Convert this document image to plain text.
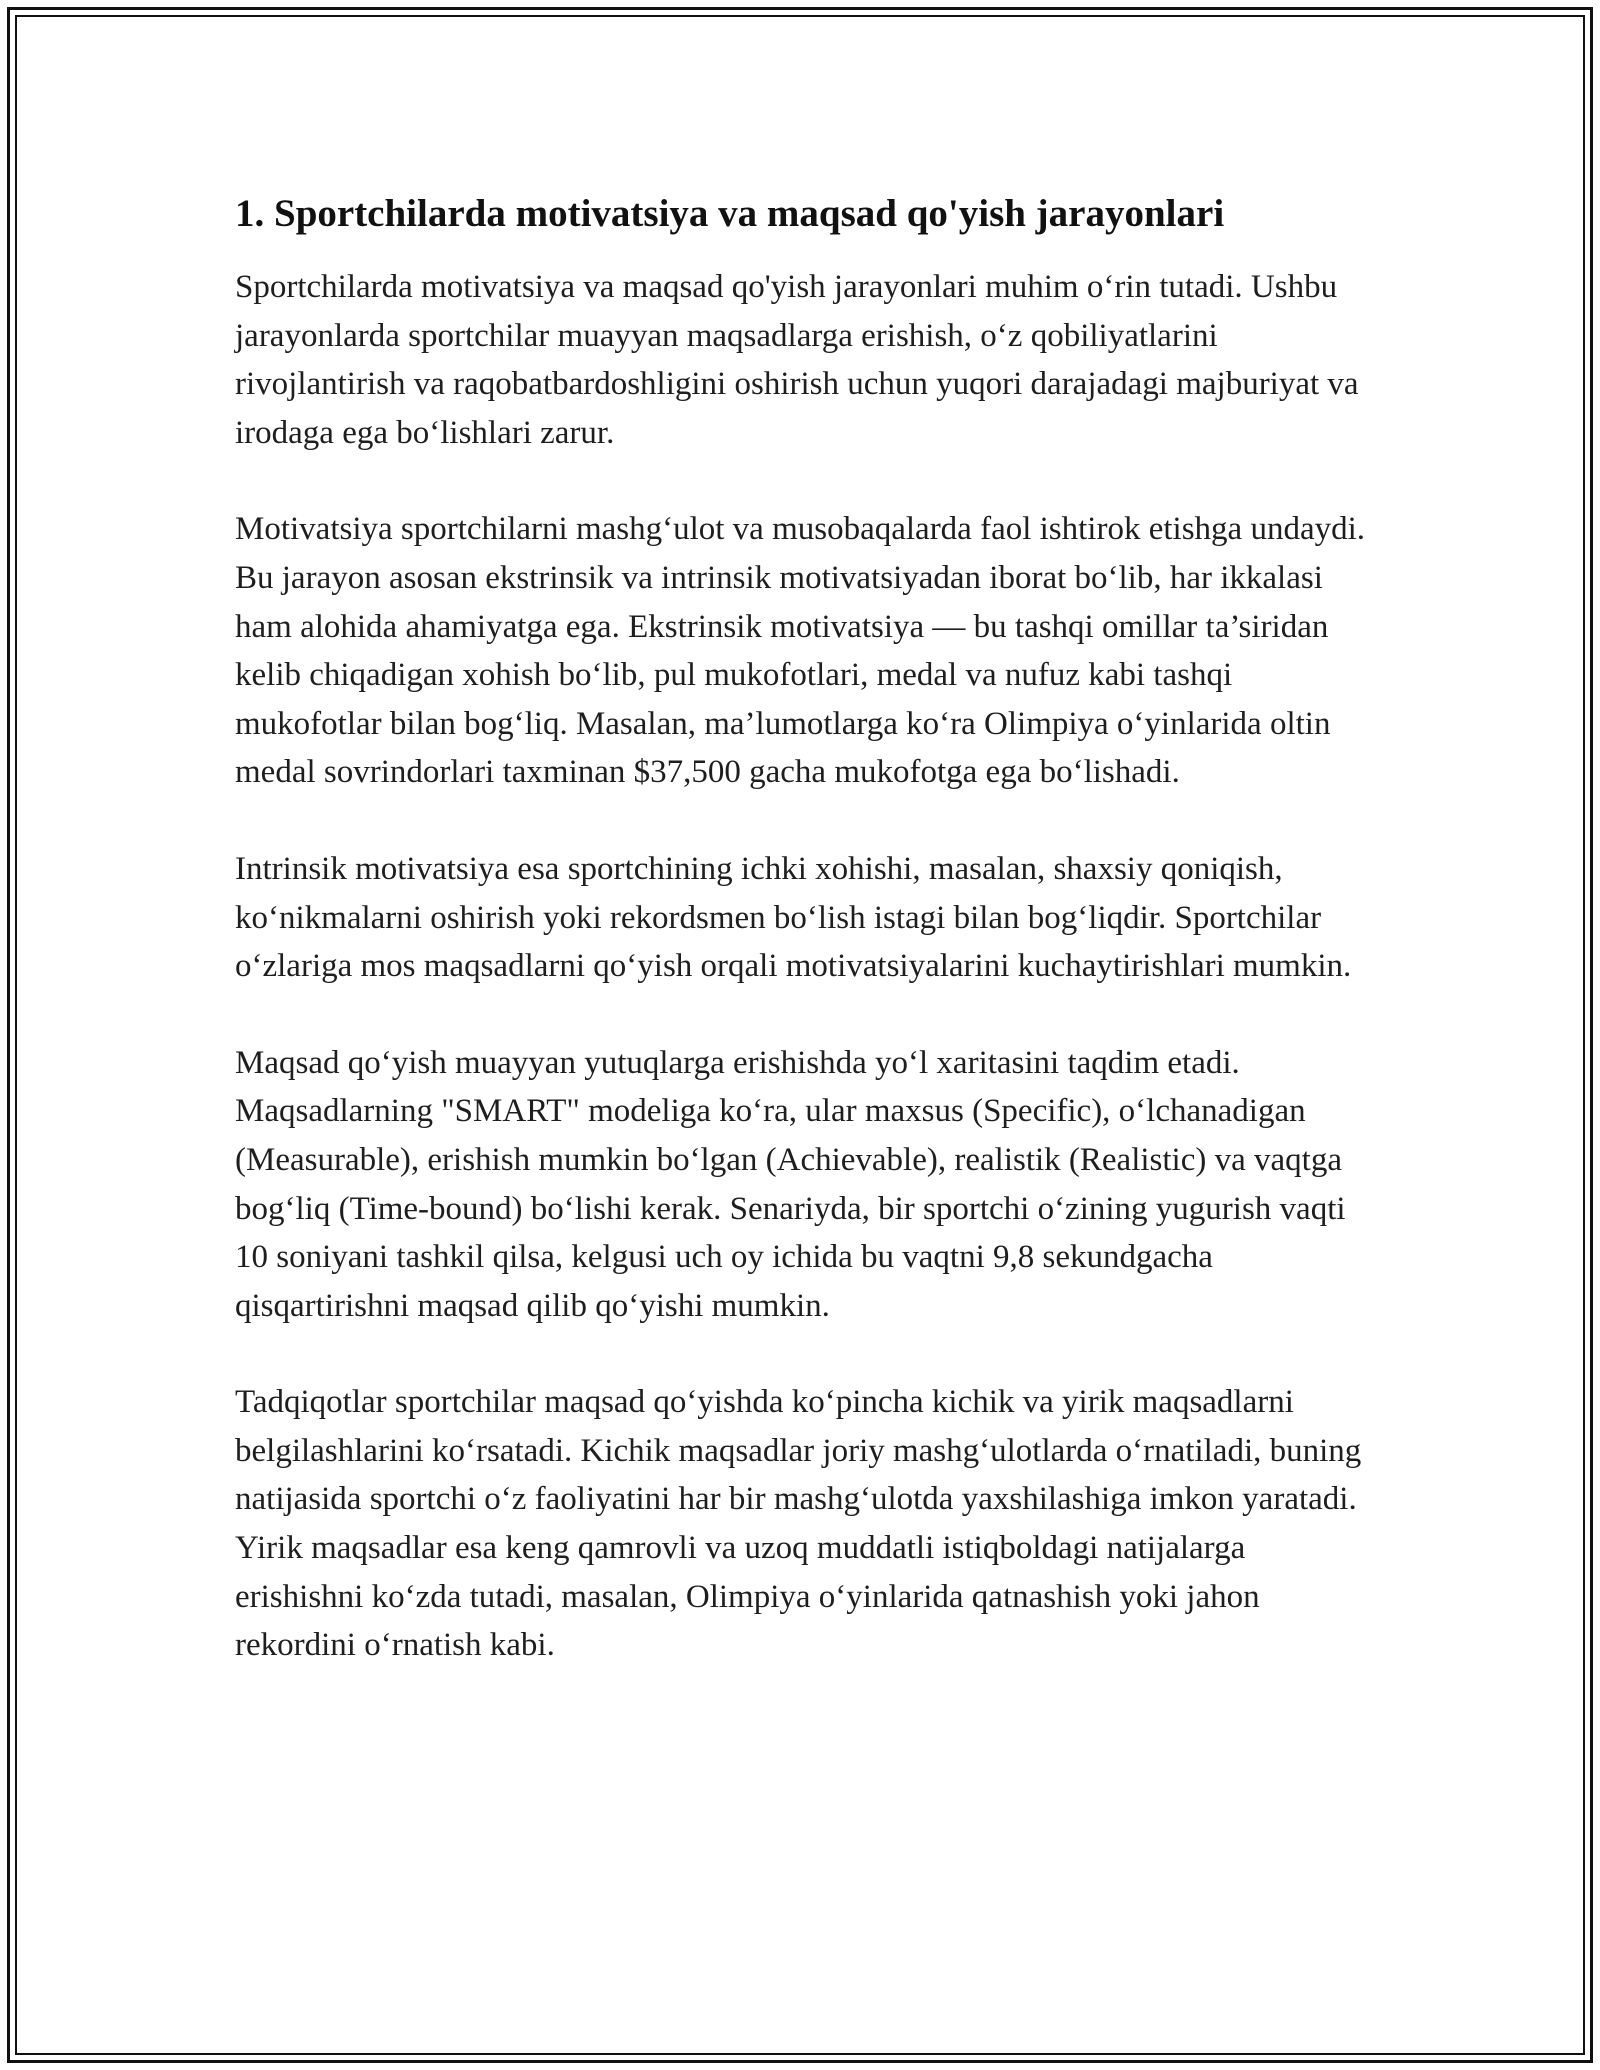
1. Sportchilarda motivatsiya va maqsad qo'yish jarayonlari

Sportchilarda motivatsiya va maqsad qo'yish jarayonlari muhim o‘rin tutadi. Ushbu jarayonlarda sportchilar muayyan maqsadlarga erishish, o‘z qobiliyatlarini rivojlantirish va raqobatbardoshligini oshirish uchun yuqori darajadagi majburiyat va irodaga ega bo‘lishlari zarur.

Motivatsiya sportchilarni mashg‘ulot va musobaqalarda faol ishtirok etishga undaydi. Bu jarayon asosan ekstrinsik va intrinsik motivatsiyadan iborat bo‘lib, har ikkalasi ham alohida ahamiyatga ega. Ekstrinsik motivatsiya — bu tashqi omillar ta’siridan kelib chiqadigan xohish bo‘lib, pul mukofotlari, medal va nufuz kabi tashqi mukofotlar bilan bog‘liq. Masalan, ma’lumotlarga ko‘ra Olimpiya o‘yinlarida oltin medal sovrindorlari taxminan $37,500 gacha mukofotga ega bo‘lishadi.

Intrinsik motivatsiya esa sportchining ichki xohishi, masalan, shaxsiy qoniqish, ko‘nikmalarni oshirish yoki rekordsmen bo‘lish istagi bilan bog‘liqdir. Sportchilar o‘zlariga mos maqsadlarni qo‘yish orqali motivatsiyalarini kuchaytirishlari mumkin.

Maqsad qo‘yish muayyan yutuqlarga erishishda yo‘l xaritasini taqdim etadi. Maqsadlarning "SMART" modeliga ko‘ra, ular maxsus (Specific), o‘lchanadigan (Measurable), erishish mumkin bo‘lgan (Achievable), realistik (Realistic) va vaqtga bog‘liq (Time-bound) bo‘lishi kerak. Senariyda, bir sportchi o‘zining yugurish vaqti 10 soniyani tashkil qilsa, kelgusi uch oy ichida bu vaqtni 9,8 sekundgacha qisqartirishni maqsad qilib qo‘yishi mumkin.

Tadqiqotlar sportchilar maqsad qo‘yishda ko‘pincha kichik va yirik maqsadlarni belgilashlarini ko‘rsatadi. Kichik maqsadlar joriy mashg‘ulotlarda o‘rnatiladi, buning natijasida sportchi o‘z faoliyatini har bir mashg‘ulotda yaxshilashiga imkon yaratadi. Yirik maqsadlar esa keng qamrovli va uzoq muddatli istiqboldagi natijalarga erishishni ko‘zda tutadi, masalan, Olimpiya o‘yinlarida qatnashish yoki jahon rekordini o‘rnatish kabi.
